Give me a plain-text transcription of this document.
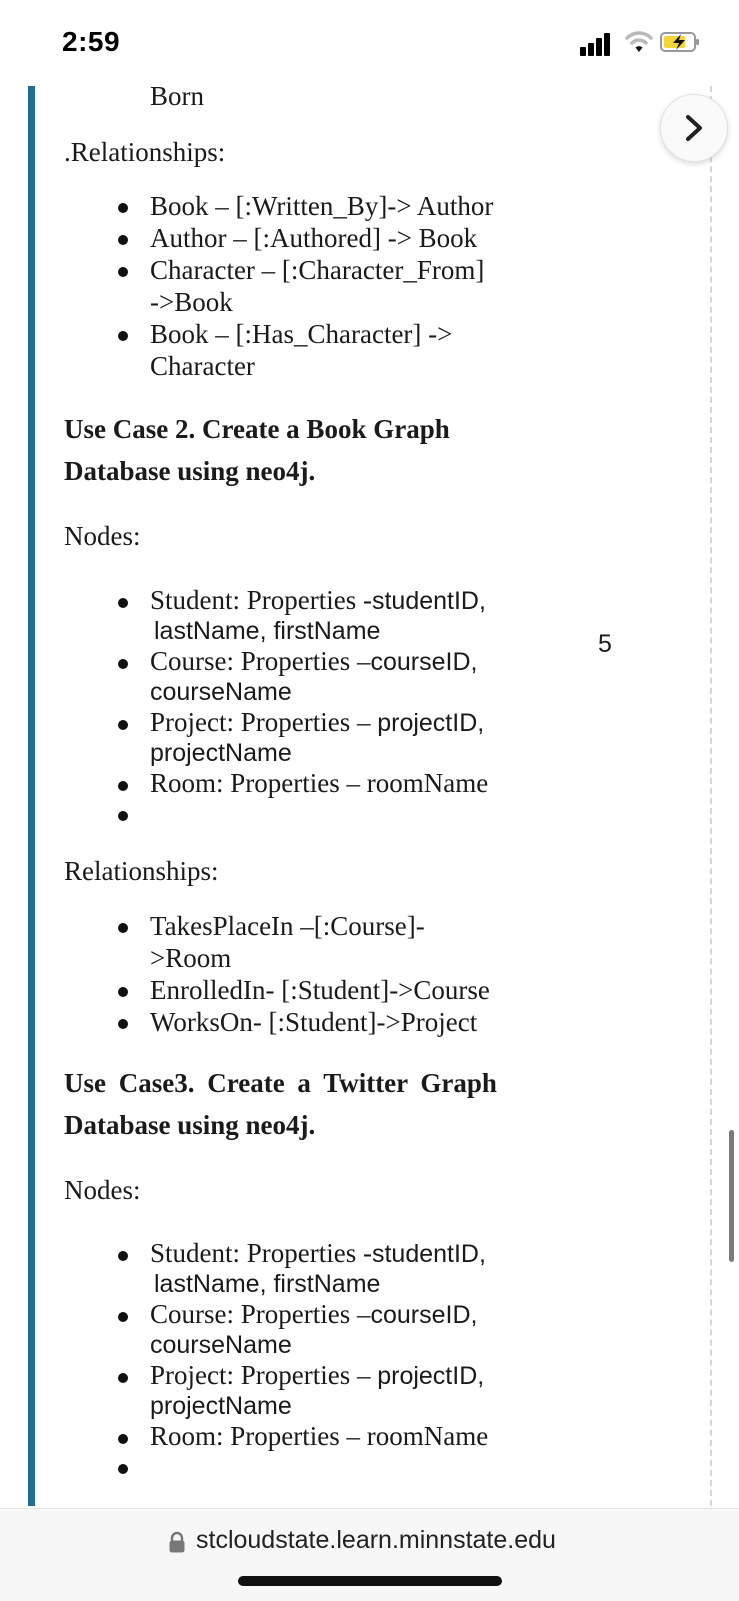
2:59
Born
.Relationships:
Book – [:Written_By]-> Author
Author – [:Authored] -> Book
Character – [:Character_From]
->Book
Book – [:Has_Character] ->
Character
Use Case 2. Create a Book Graph
Database using neo4j.
Nodes:
Student: Properties -studentID,
lastName, firstName	5
Course: Properties –courseID,
courseName
Project: Properties – projectID,
projectName
Room: Properties – roomName
Relationships:
TakesPlaceIn –[:Course]-
>Room
EnrolledIn- [:Student]->Course
WorksOn- [:Student]->Project
Use Case3. Create a Twitter Graph
Database using neo4j.
Nodes:
Student: Properties -studentID,
lastName, firstName
Course: Properties –courseID,
courseName
Project: Properties – projectID,
projectName
Room: Properties – roomName
stcloudstate.learn.minnstate.edu
